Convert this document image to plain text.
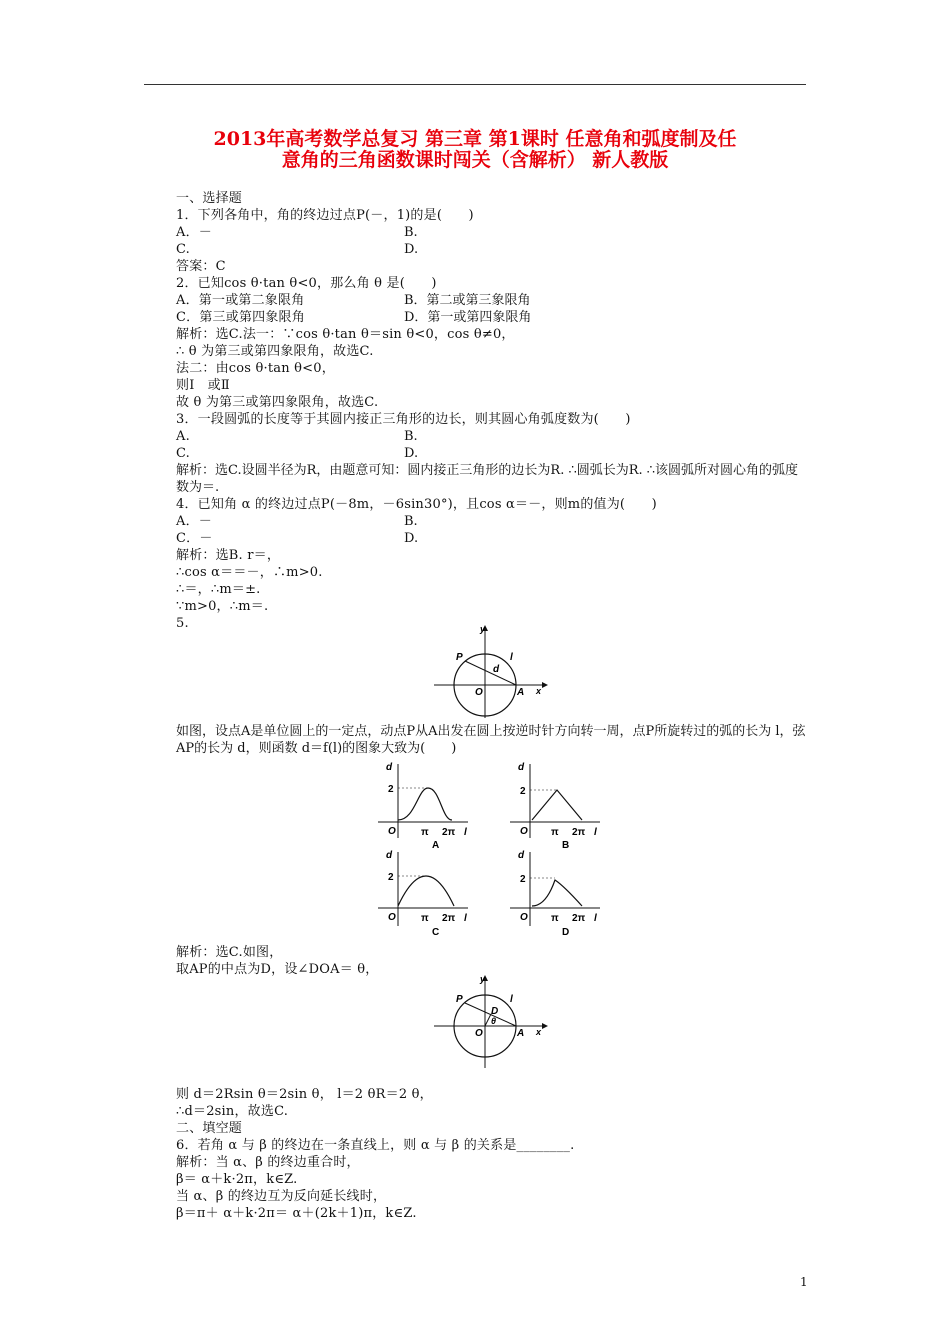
2013年高考数学总复习 第三章 第1课时 任意角和弧度制及任
意角的三角函数课时闯关（含解析） 新人教版
一、选择题
1．下列各角中，角的终边过点P(－，1)的是(　　)
A．－	B.
C.	D.
答案：C
2．已知cos θ·tan θ<0，那么角 θ 是(　　)
A．第一或第二象限角	B．第二或第三象限角
C．第三或第四象限角	D．第一或第四象限角
解析：选C.法一：∵cos θ·tan θ＝sin θ<0，cos θ≠0，
∴ θ 为第三或第四象限角，故选C.
法二：由cos θ·tan θ<0，
则Ⅰ　或Ⅱ
故 θ 为第三或第四象限角，故选C.
3．一段圆弧的长度等于其圆内接正三角形的边长，则其圆心角弧度数为(　　)
A.	B.
C.	D.
解析：选C.设圆半径为R，由题意可知：圆内接正三角形的边长为R. ∴圆弧长为R. ∴该圆弧所对圆心角的弧度数为＝.
4．已知角 α 的终边过点P(－8m，－6sin30°)，且cos α＝－，则m的值为(　　)
A．－	B.
C．－	D.
解析：选B. r＝，
∴cos α＝＝－，∴m>0.
∴＝，∴m＝±.
∵m>0，∴m＝.
5.	y
x
P
O	A
l
d
如图，设点A是单位圆上的一定点，动点P从A出发在圆上按逆时针方向转一周，点P所旋转过的弧的长为 l，弦AP的长为 d，则函数 d＝f(l)的图象大致为(　　)
d
2
O	π 2π l
A
d
2
O π 2π l
B
d
2
O	π 2π l
C
d
2
O π 2π l
D
解析：选C.如图，
取AP的中点为D，设∠DOA＝ θ，
y
x
P
O	A
l
D
θ
则 d＝2Rsin θ＝2sin θ， l＝2 θR＝2 θ，
∴d＝2sin，故选C.
二、填空题
6．若角 α 与 β 的终边在一条直线上，则 α 与 β 的关系是________.
解析：当 α、β 的终边重合时，
β＝ α＋k·2π，k∈Z.
当 α、β 的终边互为反向延长线时，
β＝π＋ α＋k·2π＝ α＋(2k＋1)π，k∈Z.
1
